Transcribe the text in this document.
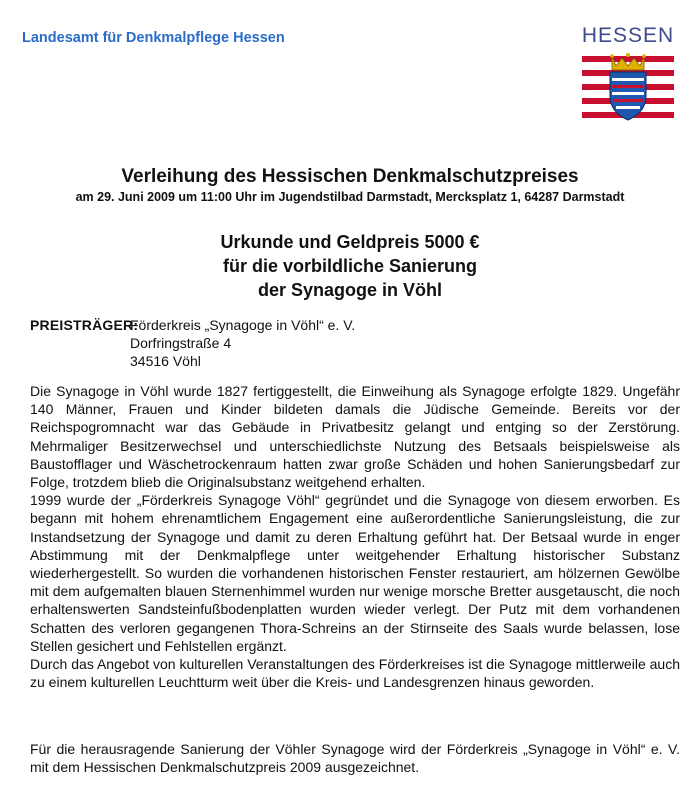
Landesamt für Denkmalpflege Hessen	HESSEN
Verleihung des Hessischen Denkmalschutzpreises
am 29. Juni 2009 um 11:00 Uhr im Jugendstilbad Darmstadt, Mercksplatz 1, 64287 Darmstadt
Urkunde und Geldpreis 5000 €
für die vorbildliche Sanierung
der Synagoge in Vöhl
PREISTRÄGER:Förderkreis „Synagoge in Vöhl“ e. V.
Dorfringstraße 4
34516 Vöhl

Die Synagoge in Vöhl wurde 1827 fertiggestellt, die Einweihung als Synagoge erfolgte 1829. Ungefähr 140 Männer, Frauen und Kinder bildeten damals die Jüdische Gemeinde. Bereits vor der Reichspogromnacht war das Gebäude in Privatbesitz gelangt und entging so der Zerstörung. Mehrmaliger Besitzerwechsel und unterschiedlichste Nutzung des Betsaals beispielsweise als Baustofflager und Wäschetrockenraum hatten zwar große Schäden und hohen Sanierungsbedarf zur Folge, trotzdem blieb die Originalsubstanz weitgehend erhalten.

1999 wurde der „Förderkreis Synagoge Vöhl“ gegründet und die Synagoge von diesem erworben. Es begann mit hohem ehrenamtlichem Engagement eine außerordentliche Sanierungsleistung, die zur Instandsetzung der Synagoge und damit zu deren Erhaltung geführt hat. Der Betsaal wurde in enger Abstimmung mit der Denkmalpflege unter weitgehender Erhaltung historischer Substanz wiederhergestellt. So wurden die vorhandenen historischen Fenster restauriert, am hölzernen Gewölbe mit dem aufgemalten blauen Sternenhimmel wurden nur wenige morsche Bretter ausgetauscht, die noch erhaltenswerten Sandsteinfußbodenplatten wurden wieder verlegt. Der Putz mit dem vorhandenen Schatten des verloren gegangenen Thora-Schreins an der Stirnseite des Saals wurde belassen, lose Stellen gesichert und Fehlstellen ergänzt.

Durch das Angebot von kulturellen Veranstaltungen des Förderkreises ist die Synagoge mittlerweile auch zu einem kulturellen Leuchtturm weit über die Kreis- und Landesgrenzen hinaus geworden.

Für die herausragende Sanierung der Vöhler Synagoge wird der Förderkreis „Synagoge in Vöhl“ e. V. mit dem Hessischen Denkmalschutzpreis 2009 ausgezeichnet.
